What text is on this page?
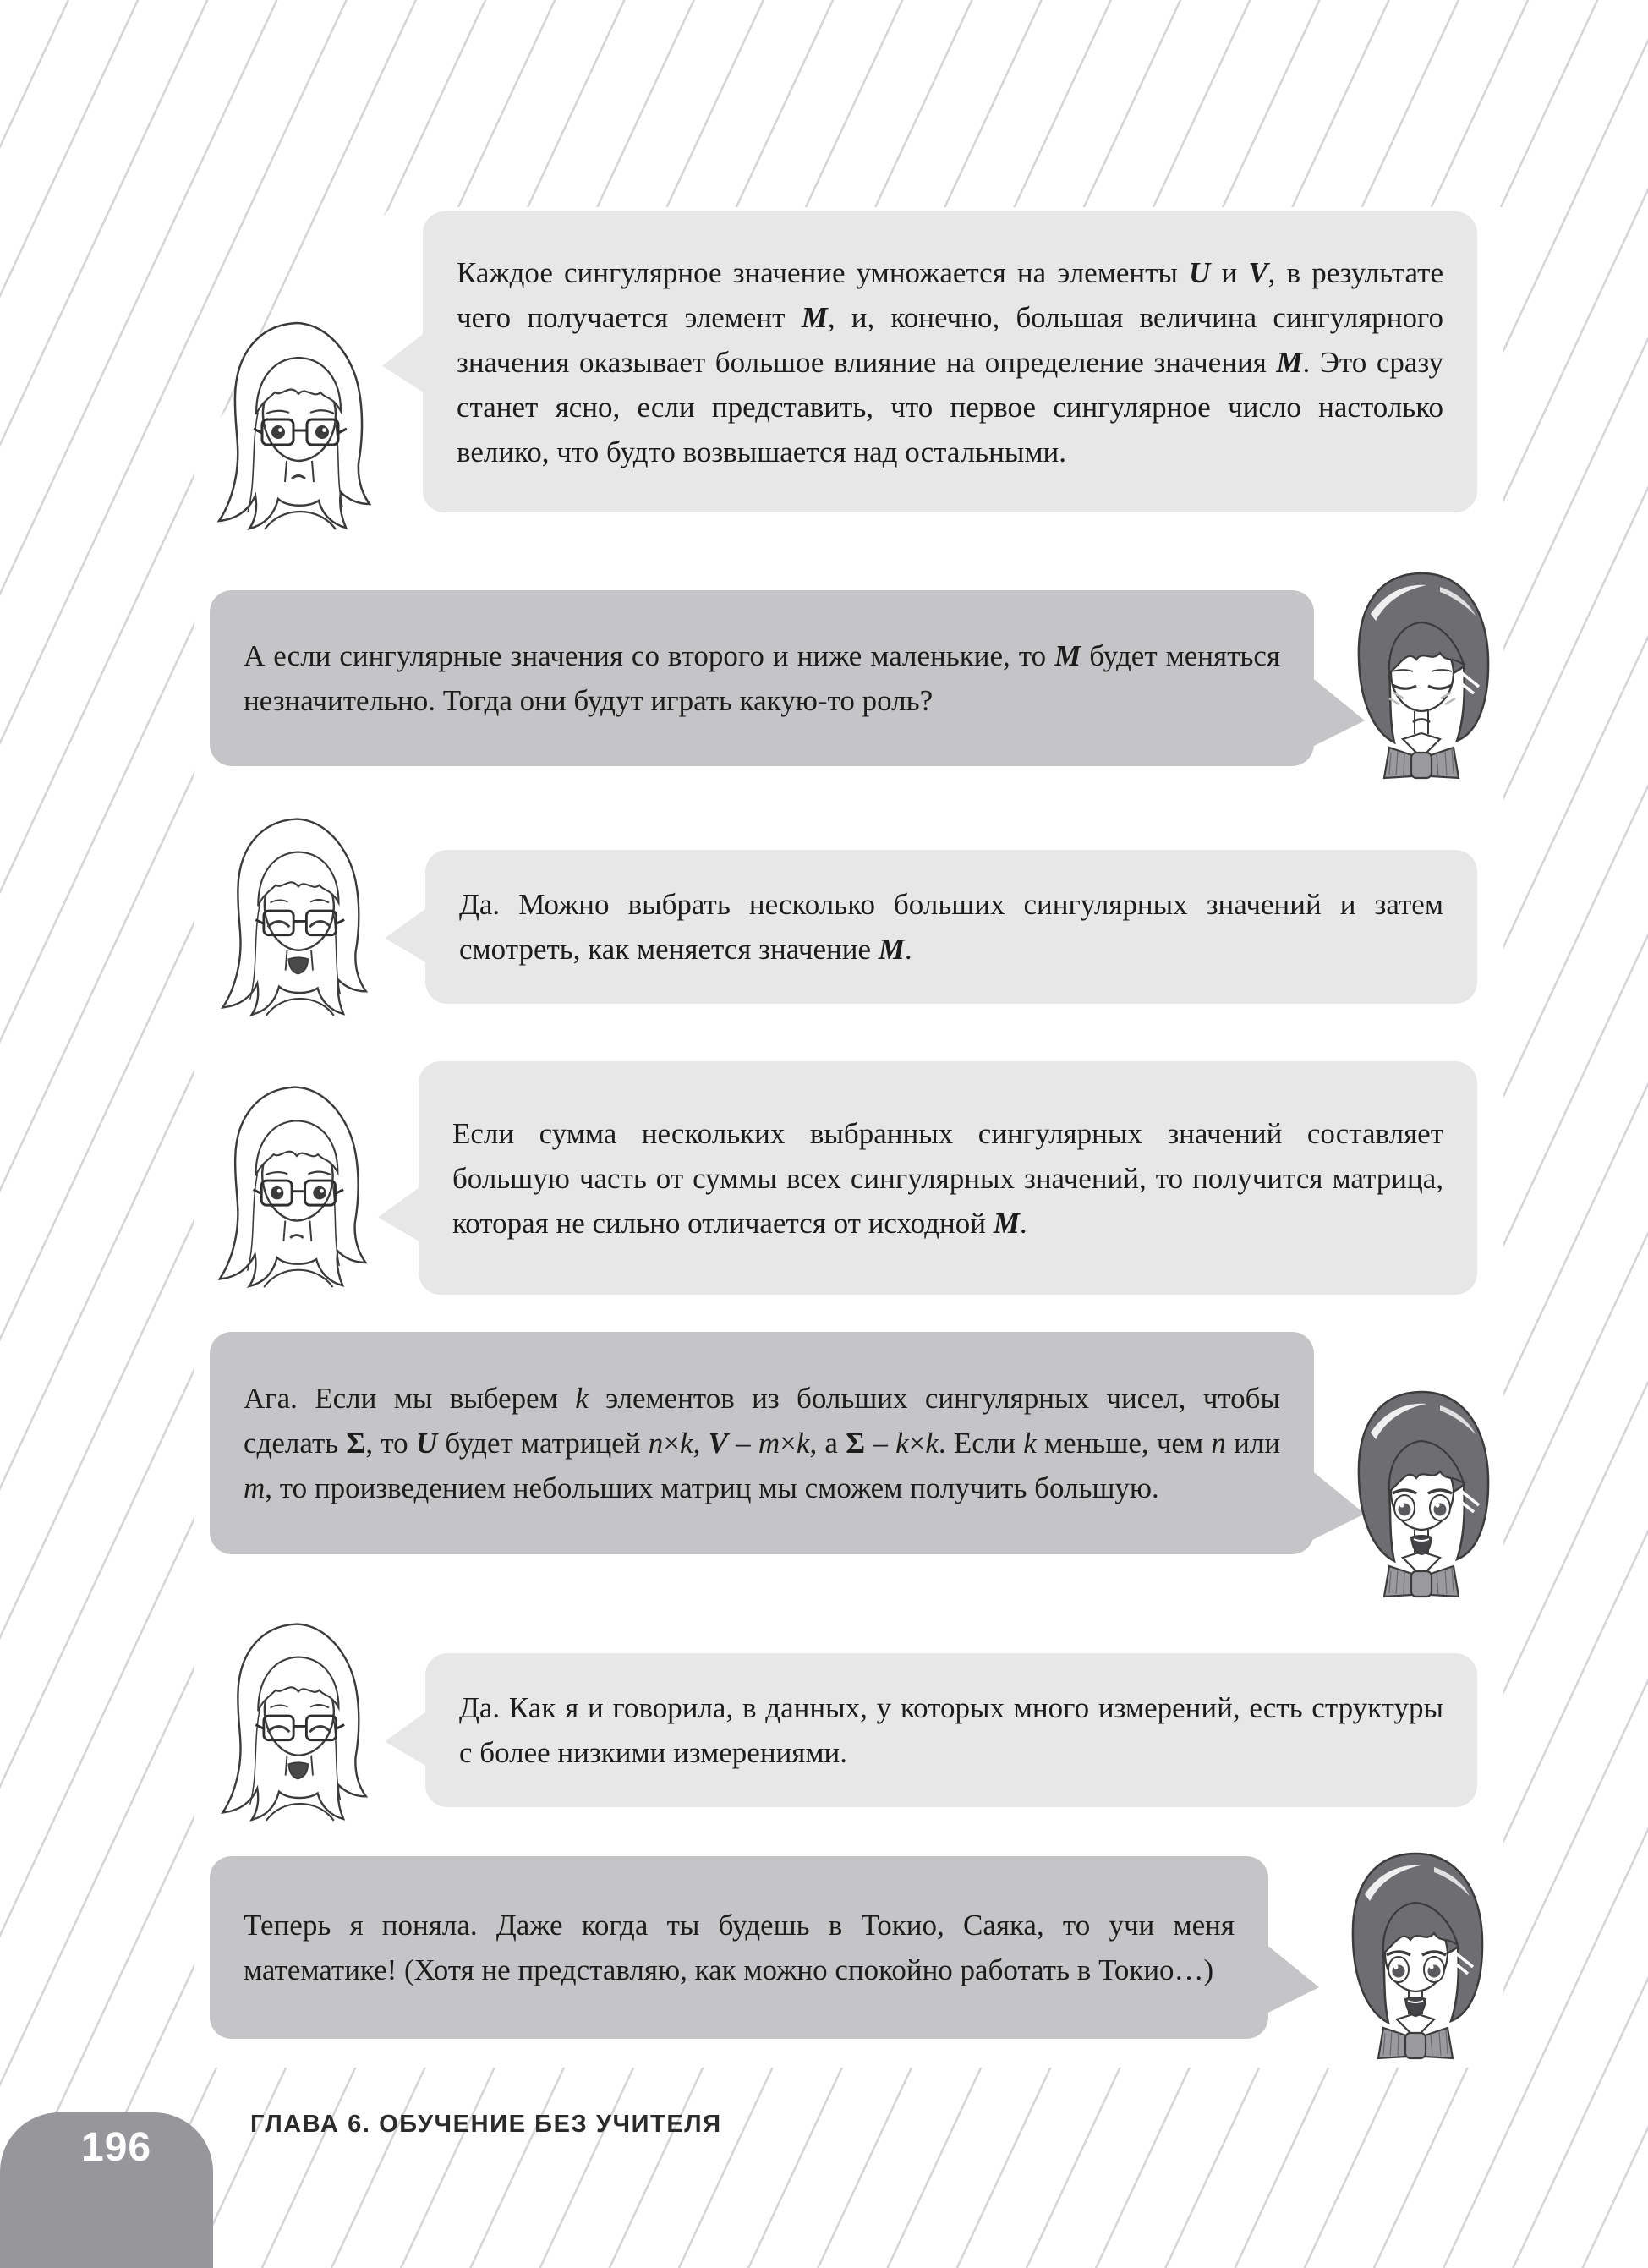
Каждое сингулярное значение умножается на элементы U и V, в результате чего получается элемент M, и, конечно, большая величина сингулярного значения оказывает большое влияние на определение значения M. Это сразу станет ясно, если представить, что первое сингулярное число настолько велико, что будто возвышается над остальными.

А если сингулярные значения со второго и ниже маленькие, то M будет меняться незначительно. Тогда они будут играть какую-то роль?

Да. Можно выбрать несколько больших сингулярных значений и затем смотреть, как меняется значение M.

Если сумма нескольких выбранных сингулярных значений составляет большую часть от суммы всех сингулярных значений, то получится матрица, которая не сильно отличается от исходной M.

Ага. Если мы выберем k элементов из больших сингулярных чисел, чтобы сделать Σ, то U будет матрицей n×k, V – m×k, а Σ – k×k. Если k меньше, чем n или m, то произведением небольших матриц мы сможем получить большую.

Да. Как я и говорила, в данных, у которых много измерений, есть структуры с более низкими измерениями.

Теперь я поняла. Даже когда ты будешь в Токио, Саяка, то учи меня математике! (Хотя не представляю, как можно спокойно работать в Токио…)

196
ГЛАВА 6. ОБУЧЕНИЕ БЕЗ УЧИТЕЛЯ
